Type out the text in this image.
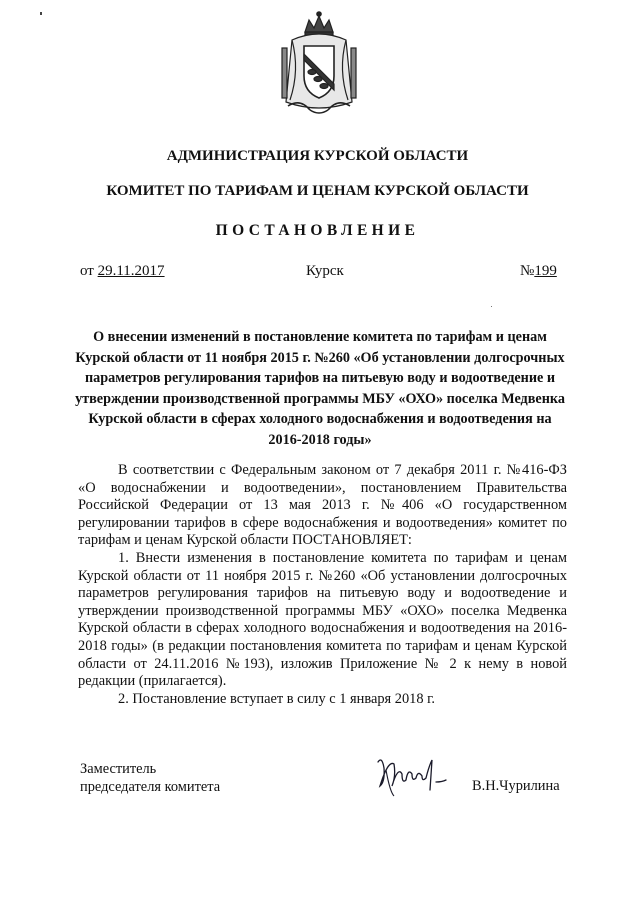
АДМИНИСТРАЦИЯ КУРСКОЙ ОБЛАСТИ
КОМИТЕТ ПО ТАРИФАМ И ЦЕНАМ КУРСКОЙ ОБЛАСТИ
ПОСТАНОВЛЕНИЕ
от 29.11.2017	Курск	№199
О внесении изменений в постановление комитета по тарифам и ценам Курской области от 11 ноября 2015 г. №260 «Об установлении долгосрочных параметров регулирования тарифов на питьевую воду и водоотведение и утверждении производственной программы МБУ «ОХО» поселка Медвенка Курской области в сферах холодного водоснабжения и водоотведения на 2016-2018 годы»

В соответствии с Федеральным законом от 7 декабря 2011 г. №416-ФЗ «О водоснабжении и водоотведении», постановлением Правительства Российской Федерации от 13 мая 2013 г. №406 «О государственном регулировании тарифов в сфере водоснабжения и водоотведения» комитет по тарифам и ценам Курской области ПОСТАНОВЛЯЕТ:

1. Внести изменения в постановление комитета по тарифам и ценам Курской области от 11 ноября 2015 г. №260 «Об установлении долгосрочных параметров регулирования тарифов на питьевую воду и водоотведение и утверждении производственной программы МБУ «ОХО» поселка Медвенка Курской области в сферах холодного водоснабжения и водоотведения на 2016-2018 годы» (в редакции постановления комитета по тарифам и ценам Курской области от 24.11.2016 №193), изложив Приложение № 2 к нему в новой редакции (прилагается).

2. Постановление вступает в силу с 1 января 2018 г.

Заместитель
председателя комитета	В.Н.Чурилина
